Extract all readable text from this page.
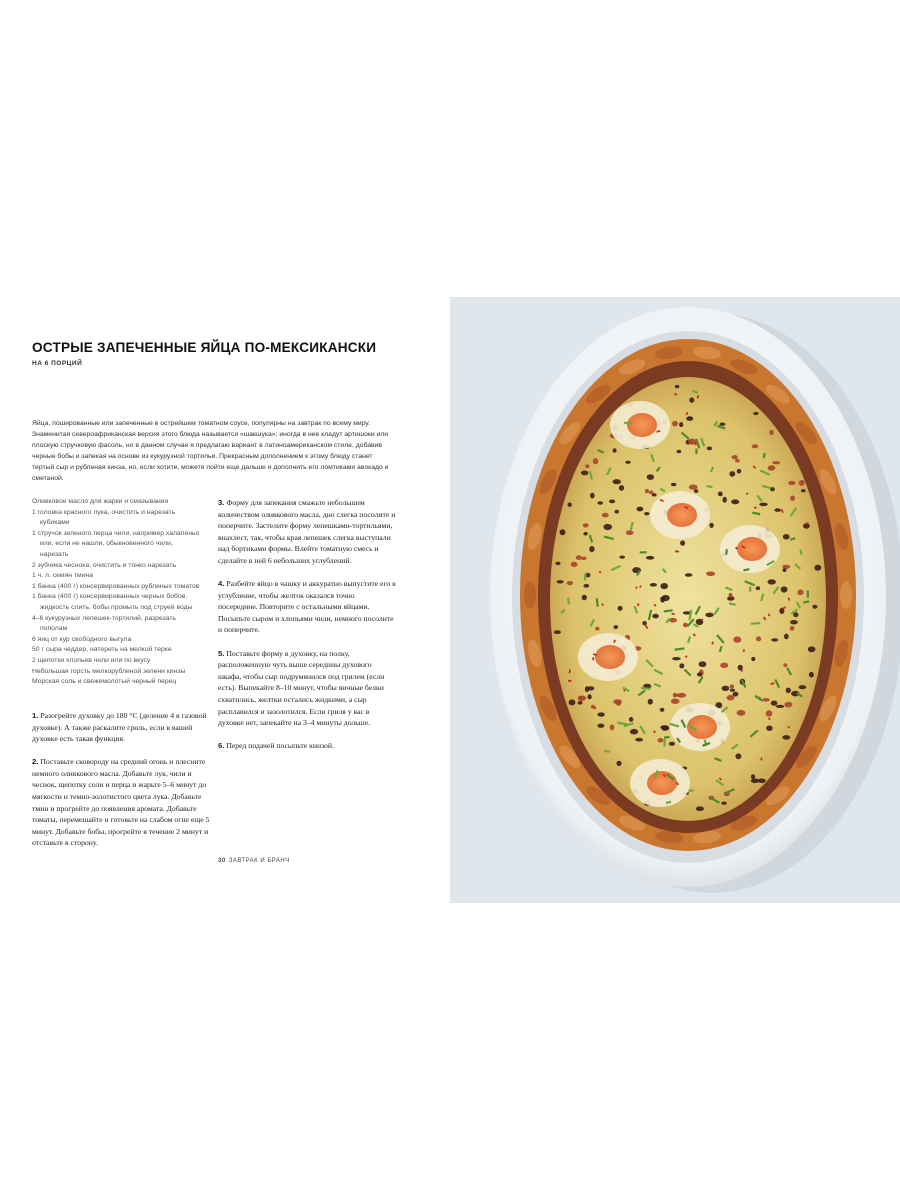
ОСТРЫЕ ЗАПЕЧЕННЫЕ ЯЙЦА ПО-МЕКСИКАНСКИ
НА 6 ПОРЦИЙ
Яйца, пошированные или запеченные в острейшем томатном соусе, популярны на завтрак по всему миру. Знаменитая североафриканская версия этого блюда называется «шакшука»; иногда в нее кладут артишоки или плоскую стручковую фасоль, но в данном случае я предлагаю вариант в латиноамериканском стиле, добавив черные бобы и запекая на основе из кукурузной тортильи. Прекрасным дополнением к этому блюду станет тертый сыр и рубленая кинза, но, если хотите, можете пойти еще дальше и дополнить его ломтиками авокадо и сметаной.
Оливковое масло для жарки и смазывания
1 головка красного лука, очистить и нарезать кубиками
1 стручок зеленого перца чили, например халапеньо или, если не нашли, обыкновенного чили, нарезать
2 зубчика чеснока, очистить и тонко нарезать
1 ч. л. семян тмина
1 банка (400 г) консервированных рубленых томатов
1 банка (400 г) консервированных черных бобов, жидкость слить, бобы промыть под струей воды
4–6 кукурузных лепешек-тортилий, разрезать пополам
6 яиц от кур свободного выгула
50 г сыра чеддер, натереть на мелкой терке
2 щепотки хлопьев чили или по вкусу
Небольшая горсть мелкорубленой зелени кинзы
Морская соль и свежемолотый черный перец

1. Разогрейте духовку до 180 °С (деление 4 в газовой духовке). А также раскалите гриль, если в вашей духовке есть такая функция.

2. Поставьте сковороду на средний огонь и плесните немного оливкового масла. Добавьте лук, чили и чеснок, щепотку соли и перца и жарьте 5–6 минут до мягкости и темно-золотистого цвета лука. Добавьте тмин и прогрейте до появления аромата. Добавьте томаты, перемешайте и готовьте на слабом огне еще 5 минут. Добавьте бобы, прогрейте в течение 2 минут и отставьте в сторону.

3. Форму для запекания смажьте небольшим количеством оливкового масла, дно слегка посолите и поперчите. Застелите форму лепешками-тортильями, внахлест, так, чтобы края лепешек слегка выступали над бортиками формы. Влейте томатную смесь и сделайте в ней 6 небольших углублений.

4. Разбейте яйцо в чашку и аккуратно выпустите его в углубление, чтобы желток оказался точно посередине. Повторите с остальными яйцами. Посыпьте сыром и хлопьями чили, немного посолите и поперчите.

5. Поставьте форму в духовку, на полку, расположенную чуть выше середины духового шкафа, чтобы сыр подрумянился под грилем (если есть). Выпекайте 8–10 минут, чтобы яичные белки схватились, желтки остались жидкими, а сыр расплавился и зазолотился. Если гриля у вас в духовке нет, запекайте на 3–4 минуты дольше.

6. Перед подачей посыпьте кинзой.

30 ЗАВТРАК И БРАНЧ
